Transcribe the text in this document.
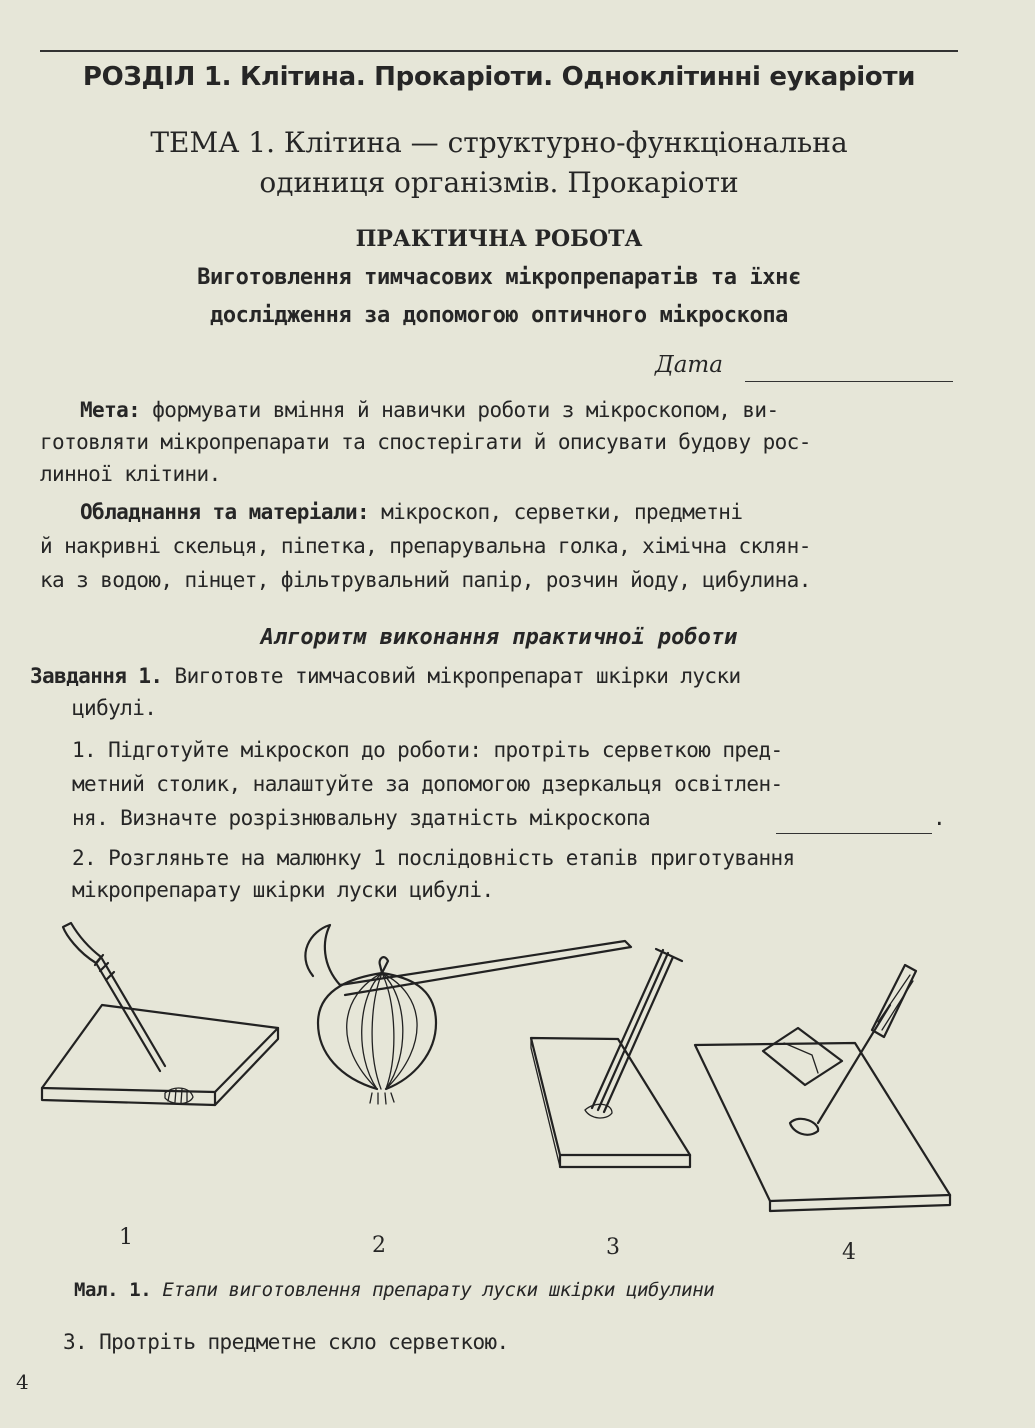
РОЗДІЛ 1. Клітина. Прокаріоти. Одноклітинні еукаріоти
ТЕМА 1. Клітина — структурно-функціональна
одиниця організмів. Прокаріоти
ПРАКТИЧНА РОБОТА
Виготовлення тимчасових мікропрепаратів та їхнє
дослідження за допомогою оптичного мікроскопа
Дата
Мета: формувати вміння й навички роботи з мікроскопом, ви-
готовляти мікропрепарати та спостерігати й описувати будову рос-
линної клітини.
Обладнання та матеріали: мікроскоп, серветки, предметні
й накривні скельця, піпетка, препарувальна голка, хімічна склян-
ка з водою, пінцет, фільтрувальний папір, розчин йоду, цибулина.
Алгоритм виконання практичної роботи
Завдання 1. Виготовте тимчасовий мікропрепарат шкірки луски
цибулі.
1. Підготуйте мікроскоп до роботи: протріть серветкою пред-
метний столик, налаштуйте за допомогою дзеркальця освітлен-
ня. Визначте розрізнювальну здатність мікроскопа	.
2. Розгляньте на малюнку 1 послідовність етапів приготування
мікропрепарату шкірки луски цибулі.
1	2	3	4
Мал. 1. Етапи виготовлення препарату луски шкірки цибулини
3. Протріть предметне скло серветкою.
4
